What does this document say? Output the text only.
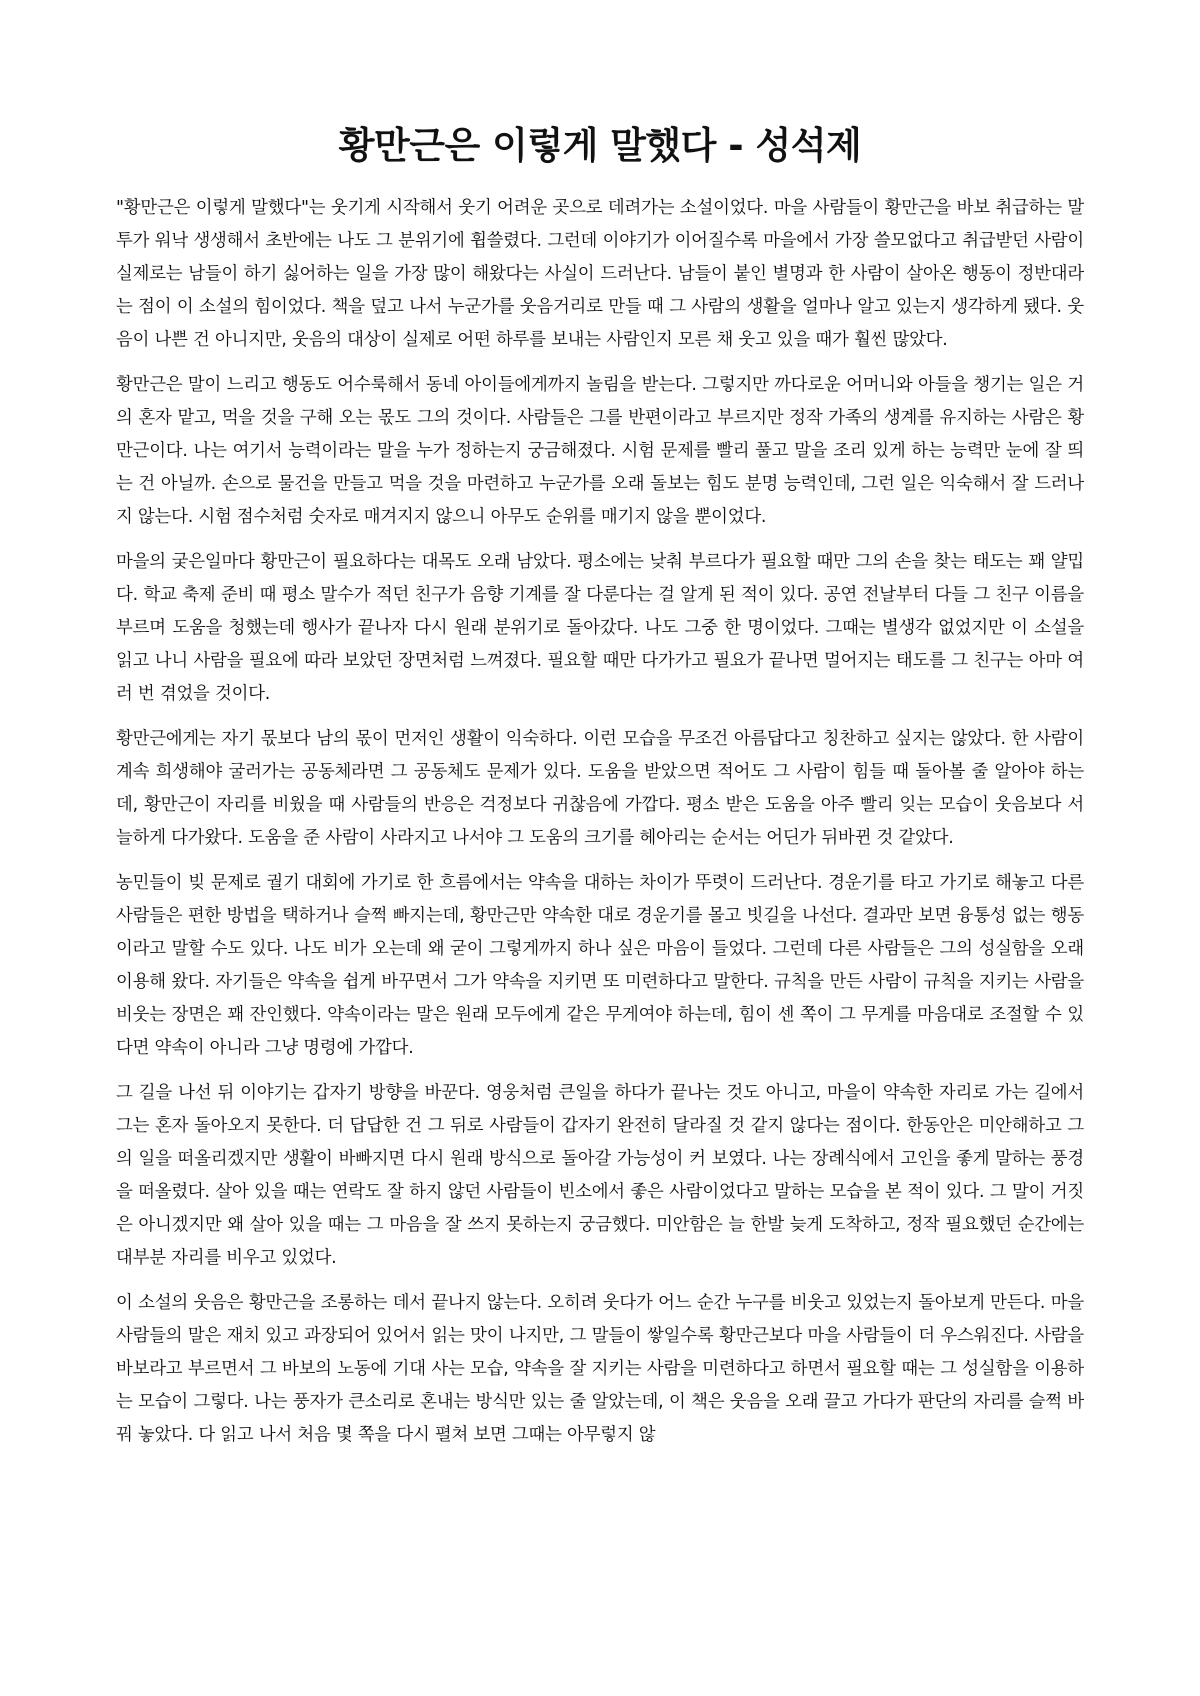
황만근은 이렇게 말했다 - 성석제

"황만근은 이렇게 말했다"는 웃기게 시작해서 웃기 어려운 곳으로 데려가는 소설이었다. 마을 사람들이 황만근을 바보 취급하는 말투가 워낙 생생해서 초반에는 나도 그 분위기에 휩쓸렸다. 그런데 이야기가 이어질수록 마을에서 가장 쓸모없다고 취급받던 사람이 실제로는 남들이 하기 싫어하는 일을 가장 많이 해왔다는 사실이 드러난다. 남들이 붙인 별명과 한 사람이 살아온 행동이 정반대라는 점이 이 소설의 힘이었다. 책을 덮고 나서 누군가를 웃음거리로 만들 때 그 사람의 생활을 얼마나 알고 있는지 생각하게 됐다. 웃음이 나쁜 건 아니지만, 웃음의 대상이 실제로 어떤 하루를 보내는 사람인지 모른 채 웃고 있을 때가 훨씬 많았다.

황만근은 말이 느리고 행동도 어수룩해서 동네 아이들에게까지 놀림을 받는다. 그렇지만 까다로운 어머니와 아들을 챙기는 일은 거의 혼자 맡고, 먹을 것을 구해 오는 몫도 그의 것이다. 사람들은 그를 반편이라고 부르지만 정작 가족의 생계를 유지하는 사람은 황만근이다. 나는 여기서 능력이라는 말을 누가 정하는지 궁금해졌다. 시험 문제를 빨리 풀고 말을 조리 있게 하는 능력만 눈에 잘 띄는 건 아닐까. 손으로 물건을 만들고 먹을 것을 마련하고 누군가를 오래 돌보는 힘도 분명 능력인데, 그런 일은 익숙해서 잘 드러나지 않는다. 시험 점수처럼 숫자로 매겨지지 않으니 아무도 순위를 매기지 않을 뿐이었다.

마을의 궂은일마다 황만근이 필요하다는 대목도 오래 남았다. 평소에는 낮춰 부르다가 필요할 때만 그의 손을 찾는 태도는 꽤 얄밉다. 학교 축제 준비 때 평소 말수가 적던 친구가 음향 기계를 잘 다룬다는 걸 알게 된 적이 있다. 공연 전날부터 다들 그 친구 이름을 부르며 도움을 청했는데 행사가 끝나자 다시 원래 분위기로 돌아갔다. 나도 그중 한 명이었다. 그때는 별생각 없었지만 이 소설을 읽고 나니 사람을 필요에 따라 보았던 장면처럼 느껴졌다. 필요할 때만 다가가고 필요가 끝나면 멀어지는 태도를 그 친구는 아마 여러 번 겪었을 것이다.

황만근에게는 자기 몫보다 남의 몫이 먼저인 생활이 익숙하다. 이런 모습을 무조건 아름답다고 칭찬하고 싶지는 않았다. 한 사람이 계속 희생해야 굴러가는 공동체라면 그 공동체도 문제가 있다. 도움을 받았으면 적어도 그 사람이 힘들 때 돌아볼 줄 알아야 하는데, 황만근이 자리를 비웠을 때 사람들의 반응은 걱정보다 귀찮음에 가깝다. 평소 받은 도움을 아주 빨리 잊는 모습이 웃음보다 서늘하게 다가왔다. 도움을 준 사람이 사라지고 나서야 그 도움의 크기를 헤아리는 순서는 어딘가 뒤바뀐 것 같았다.

농민들이 빚 문제로 궐기 대회에 가기로 한 흐름에서는 약속을 대하는 차이가 뚜렷이 드러난다. 경운기를 타고 가기로 해놓고 다른 사람들은 편한 방법을 택하거나 슬쩍 빠지는데, 황만근만 약속한 대로 경운기를 몰고 빗길을 나선다. 결과만 보면 융통성 없는 행동이라고 말할 수도 있다. 나도 비가 오는데 왜 굳이 그렇게까지 하나 싶은 마음이 들었다. 그런데 다른 사람들은 그의 성실함을 오래 이용해 왔다. 자기들은 약속을 쉽게 바꾸면서 그가 약속을 지키면 또 미련하다고 말한다. 규칙을 만든 사람이 규칙을 지키는 사람을 비웃는 장면은 꽤 잔인했다. 약속이라는 말은 원래 모두에게 같은 무게여야 하는데, 힘이 센 쪽이 그 무게를 마음대로 조절할 수 있다면 약속이 아니라 그냥 명령에 가깝다.

그 길을 나선 뒤 이야기는 갑자기 방향을 바꾼다. 영웅처럼 큰일을 하다가 끝나는 것도 아니고, 마을이 약속한 자리로 가는 길에서 그는 혼자 돌아오지 못한다. 더 답답한 건 그 뒤로 사람들이 갑자기 완전히 달라질 것 같지 않다는 점이다. 한동안은 미안해하고 그의 일을 떠올리겠지만 생활이 바빠지면 다시 원래 방식으로 돌아갈 가능성이 커 보였다. 나는 장례식에서 고인을 좋게 말하는 풍경을 떠올렸다. 살아 있을 때는 연락도 잘 하지 않던 사람들이 빈소에서 좋은 사람이었다고 말하는 모습을 본 적이 있다. 그 말이 거짓은 아니겠지만 왜 살아 있을 때는 그 마음을 잘 쓰지 못하는지 궁금했다. 미안함은 늘 한발 늦게 도착하고, 정작 필요했던 순간에는 대부분 자리를 비우고 있었다.

이 소설의 웃음은 황만근을 조롱하는 데서 끝나지 않는다. 오히려 웃다가 어느 순간 누구를 비웃고 있었는지 돌아보게 만든다. 마을 사람들의 말은 재치 있고 과장되어 있어서 읽는 맛이 나지만, 그 말들이 쌓일수록 황만근보다 마을 사람들이 더 우스워진다. 사람을 바보라고 부르면서 그 바보의 노동에 기대 사는 모습, 약속을 잘 지키는 사람을 미련하다고 하면서 필요할 때는 그 성실함을 이용하는 모습이 그렇다. 나는 풍자가 큰소리로 혼내는 방식만 있는 줄 알았는데, 이 책은 웃음을 오래 끌고 가다가 판단의 자리를 슬쩍 바꿔 놓았다. 다 읽고 나서 처음 몇 쪽을 다시 펼쳐 보면 그때는 아무렇지 않
